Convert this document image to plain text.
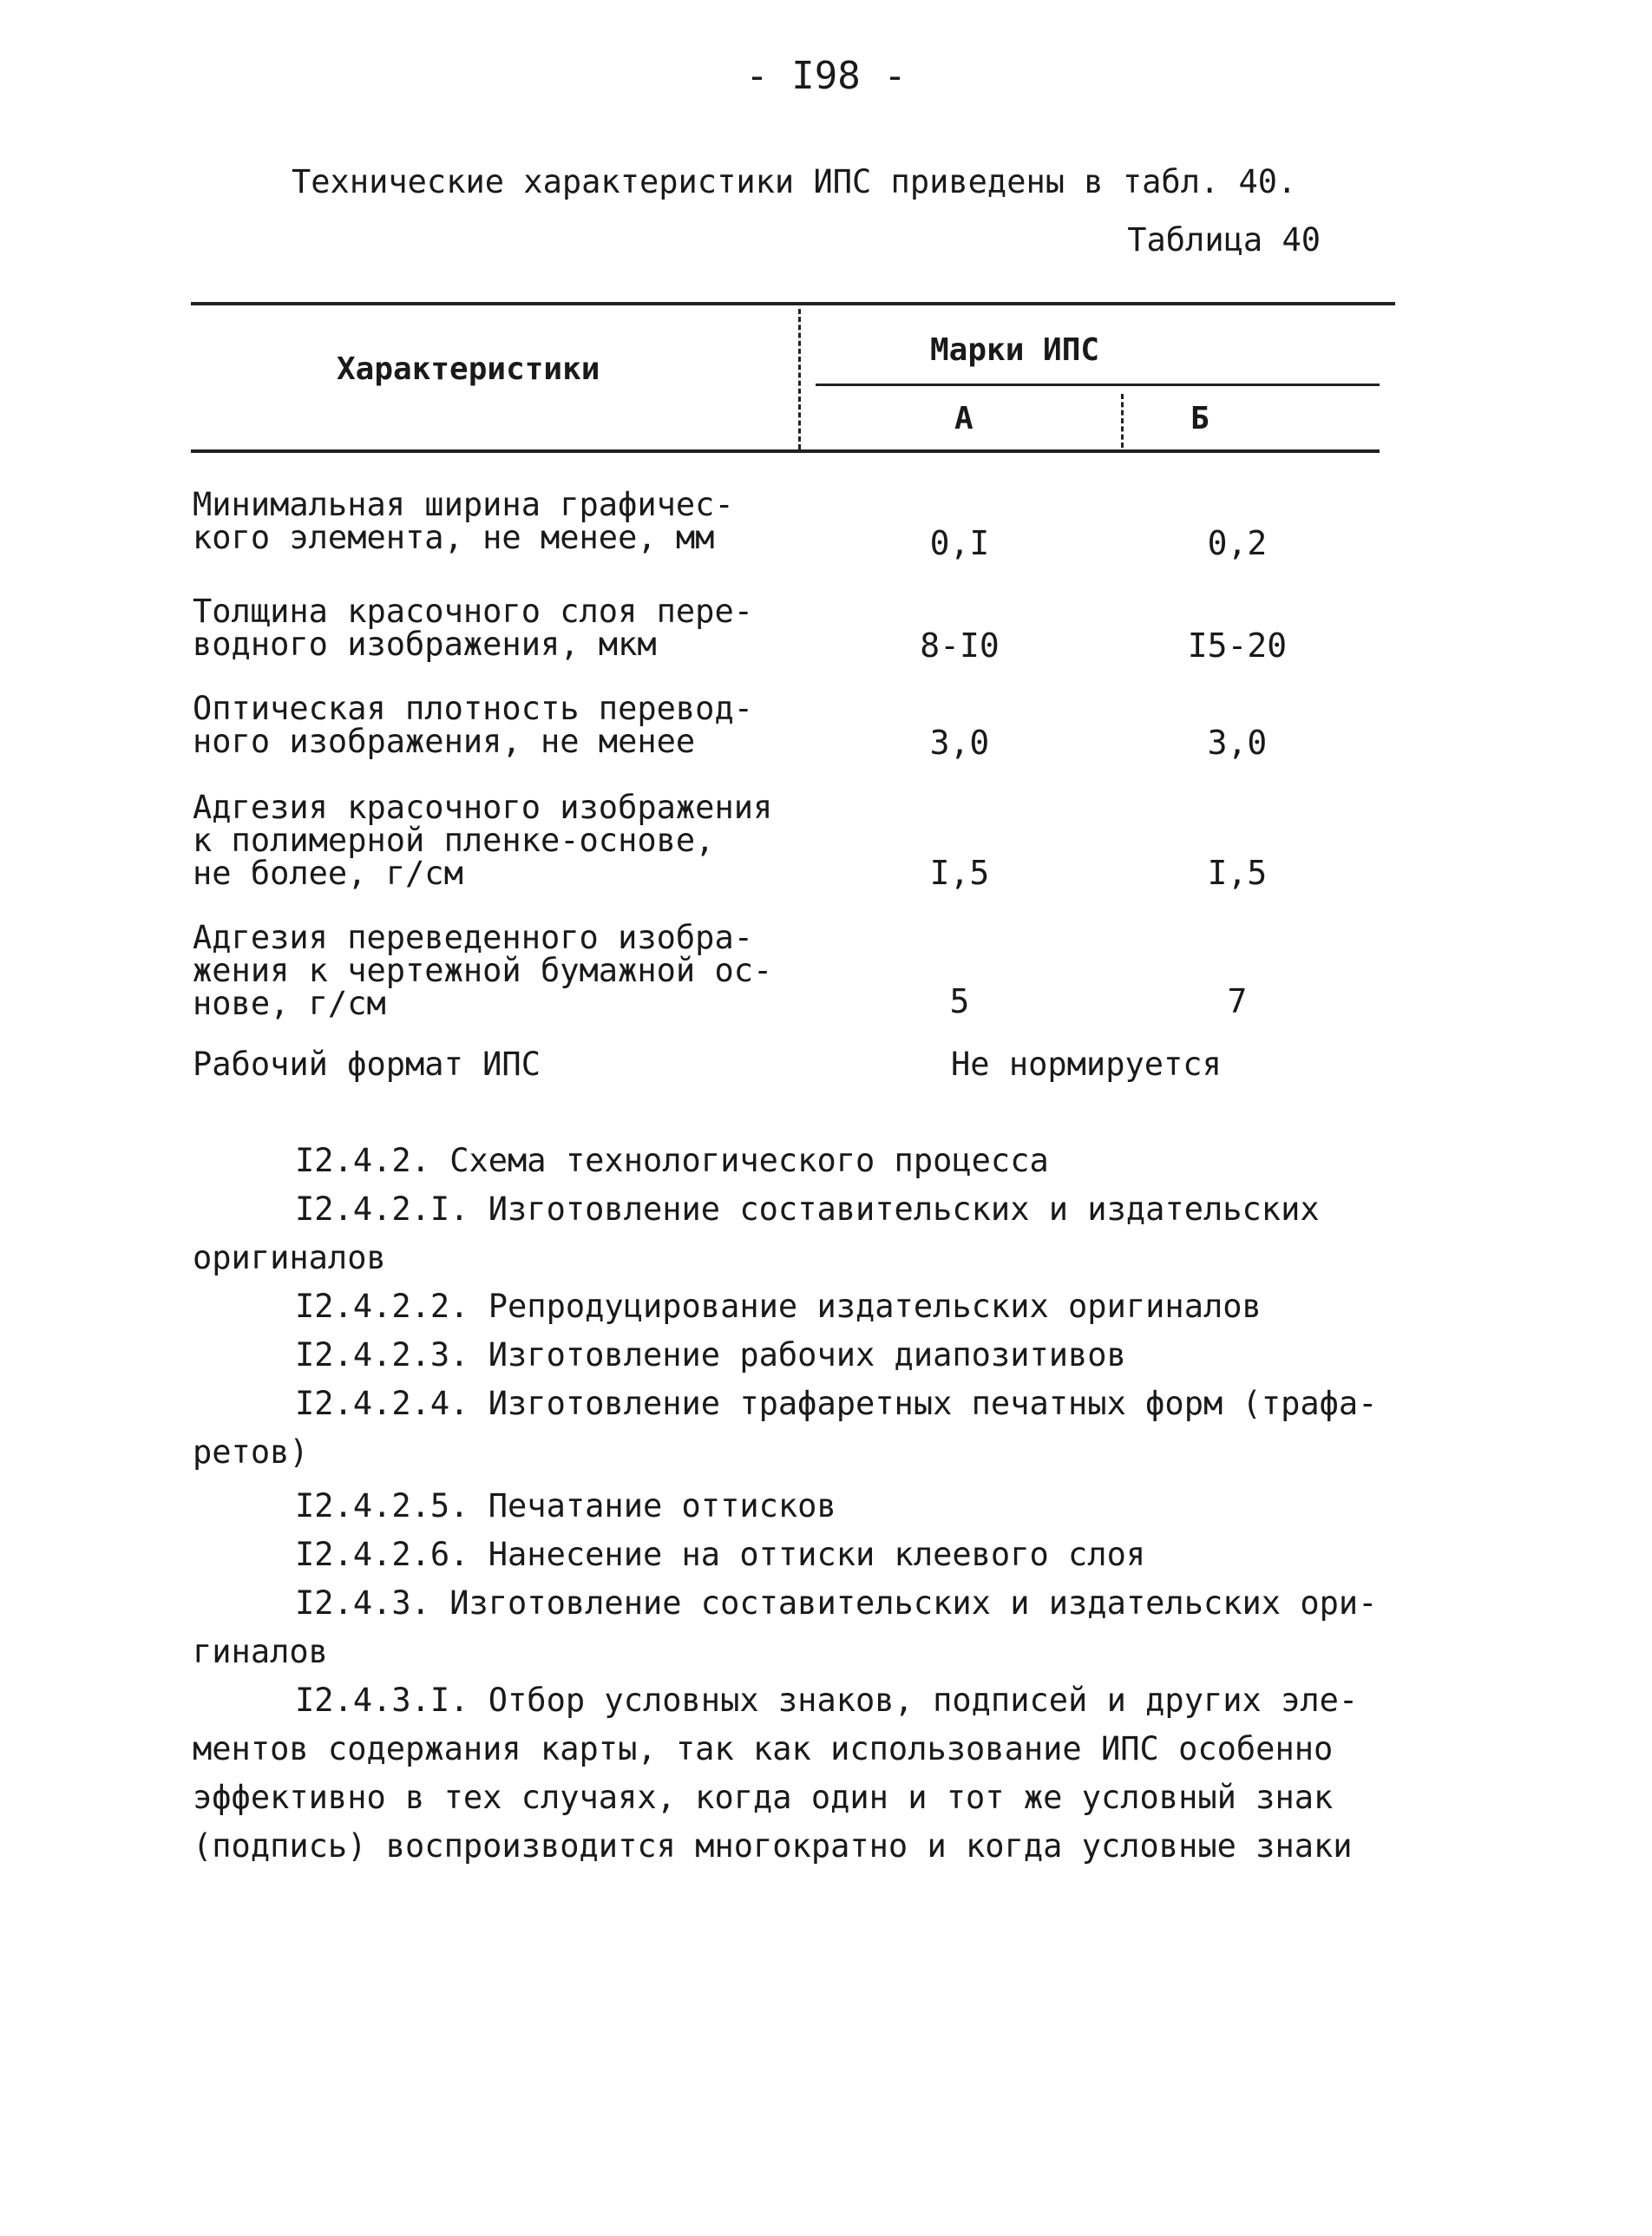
- I98 -
Технические характеристики ИПС приведены в табл. 40.
Таблица 40
Характеристики
Марки ИПС
А	Б
Минимальная ширина графичес-
кого элемента, не менее, мм	0,I	0,2
Толщина красочного слоя пере-
водного изображения, мкм	8-I0	I5-20
Оптическая плотность перевод-
ного изображения, не менее	3,0	3,0
Адгезия красочного изображения
к полимерной пленке-основе,
не более, г/см	I,5	I,5
Адгезия переведенного изобра-
жения к чертежной бумажной ос-
нове, г/см	5	7
Рабочий формат ИПС	Не нормируется
I2.4.2. Схема технологического процесса
I2.4.2.I. Изготовление составительских и издательских
оригиналов
I2.4.2.2. Репродуцирование издательских оригиналов
I2.4.2.3. Изготовление рабочих диапозитивов
I2.4.2.4. Изготовление трафаретных печатных форм (трафа-
ретов)
I2.4.2.5. Печатание оттисков
I2.4.2.6. Нанесение на оттиски клеевого слоя
I2.4.3. Изготовление составительских и издательских ори-
гиналов
I2.4.3.I. Отбор условных знаков, подписей и других эле-
ментов содержания карты, так как использование ИПС особенно
эффективно в тех случаях, когда один и тот же условный знак
(подпись) воспроизводится многократно и когда условные знаки
